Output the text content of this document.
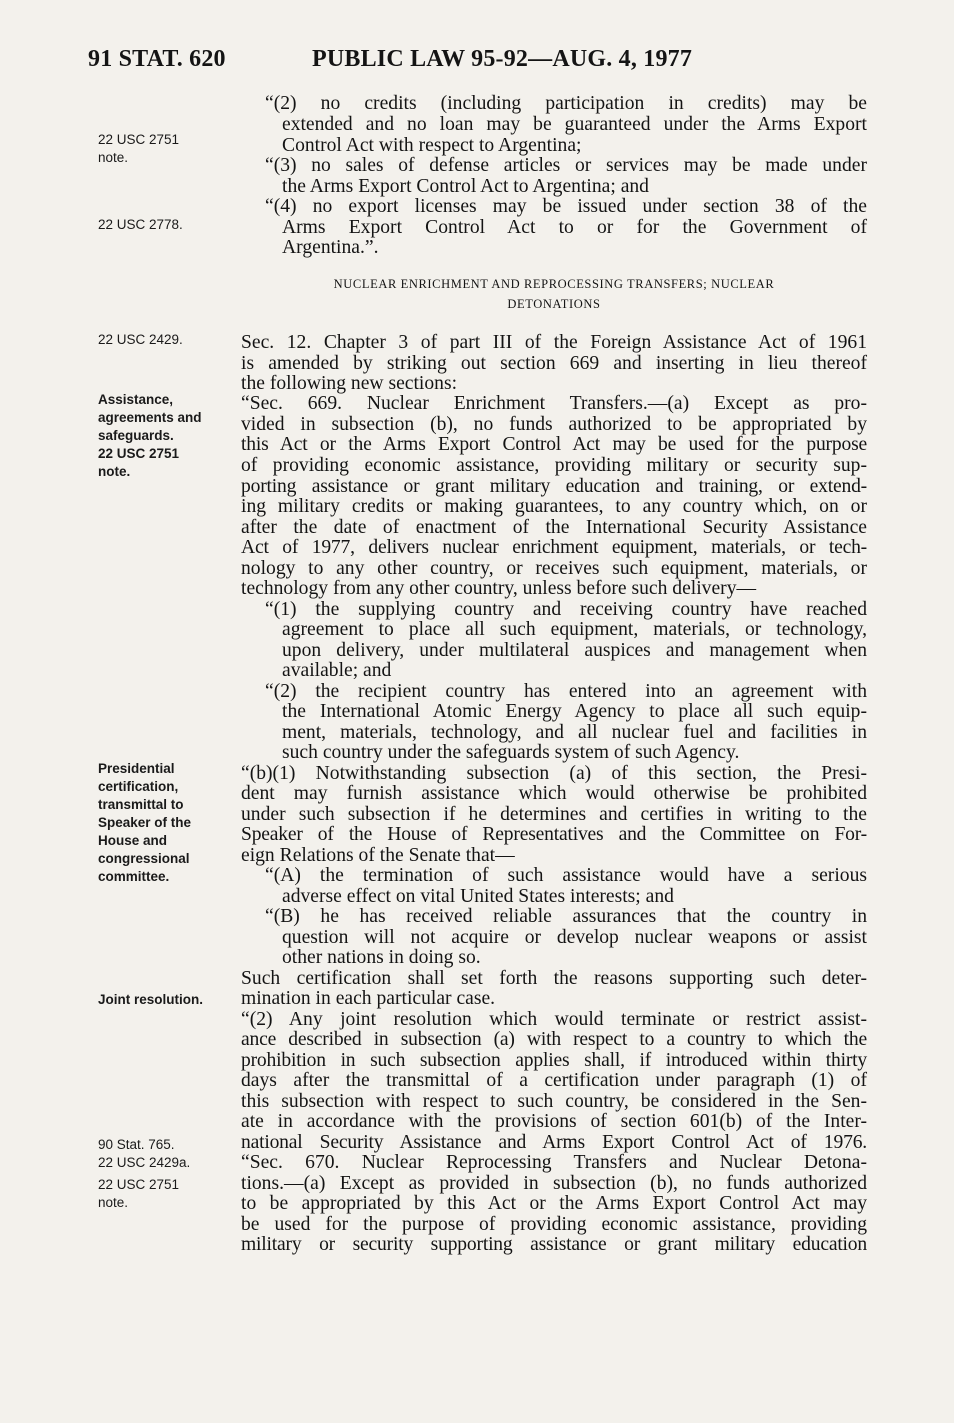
91 STAT. 620	PUBLIC LAW 95-92—AUG. 4, 1977
22 USC 2751
note.
22 USC 2778.
22 USC 2429.
Assistance,
agreements and
safeguards.
22 USC 2751
note.
Presidential
certification,
transmittal to
Speaker of the
House and
congressional
committee.
Joint resolution.
90 Stat. 765.
22 USC 2429a.
22 USC 2751
note.
“(2) no credits (including participation in credits) may be
extended and no loan may be guaranteed under the Arms Export
Control Act with respect to Argentina;
“(3) no sales of defense articles or services may be made under
the Arms Export Control Act to Argentina; and
“(4) no export licenses may be issued under section 38 of the
Arms Export Control Act to or for the Government of
Argentina.”.
NUCLEAR ENRICHMENT AND REPROCESSING TRANSFERS; NUCLEAR
DETONATIONS
Sec. 12. Chapter 3 of part III of the Foreign Assistance Act of 1961
is amended by striking out section 669 and inserting in lieu thereof
the following new sections:
“Sec. 669. Nuclear Enrichment Transfers.—(a) Except as pro-
vided in subsection (b), no funds authorized to be appropriated by
this Act or the Arms Export Control Act may be used for the purpose
of providing economic assistance, providing military or security sup-
porting assistance or grant military education and training, or extend-
ing military credits or making guarantees, to any country which, on or
after the date of enactment of the International Security Assistance
Act of 1977, delivers nuclear enrichment equipment, materials, or tech-
nology to any other country, or receives such equipment, materials, or
technology from any other country, unless before such delivery—
“(1) the supplying country and receiving country have reached
agreement to place all such equipment, materials, or technology,
upon delivery, under multilateral auspices and management when
available; and
“(2) the recipient country has entered into an agreement with
the International Atomic Energy Agency to place all such equip-
ment, materials, technology, and all nuclear fuel and facilities in
such country under the safeguards system of such Agency.
“(b)(1) Notwithstanding subsection (a) of this section, the Presi-
dent may furnish assistance which would otherwise be prohibited
under such subsection if he determines and certifies in writing to the
Speaker of the House of Representatives and the Committee on For-
eign Relations of the Senate that—
“(A) the termination of such assistance would have a serious
adverse effect on vital United States interests; and
“(B) he has received reliable assurances that the country in
question will not acquire or develop nuclear weapons or assist
other nations in doing so.
Such certification shall set forth the reasons supporting such deter-
mination in each particular case.
“(2) Any joint resolution which would terminate or restrict assist-
ance described in subsection (a) with respect to a country to which the
prohibition in such subsection applies shall, if introduced within thirty
days after the transmittal of a certification under paragraph (1) of
this subsection with respect to such country, be considered in the Sen-
ate in accordance with the provisions of section 601(b) of the Inter-
national Security Assistance and Arms Export Control Act of 1976.
“Sec. 670. Nuclear Reprocessing Transfers and Nuclear Detona-
tions.—(a) Except as provided in subsection (b), no funds authorized
to be appropriated by this Act or the Arms Export Control Act may
be used for the purpose of providing economic assistance, providing
military or security supporting assistance or grant military education
